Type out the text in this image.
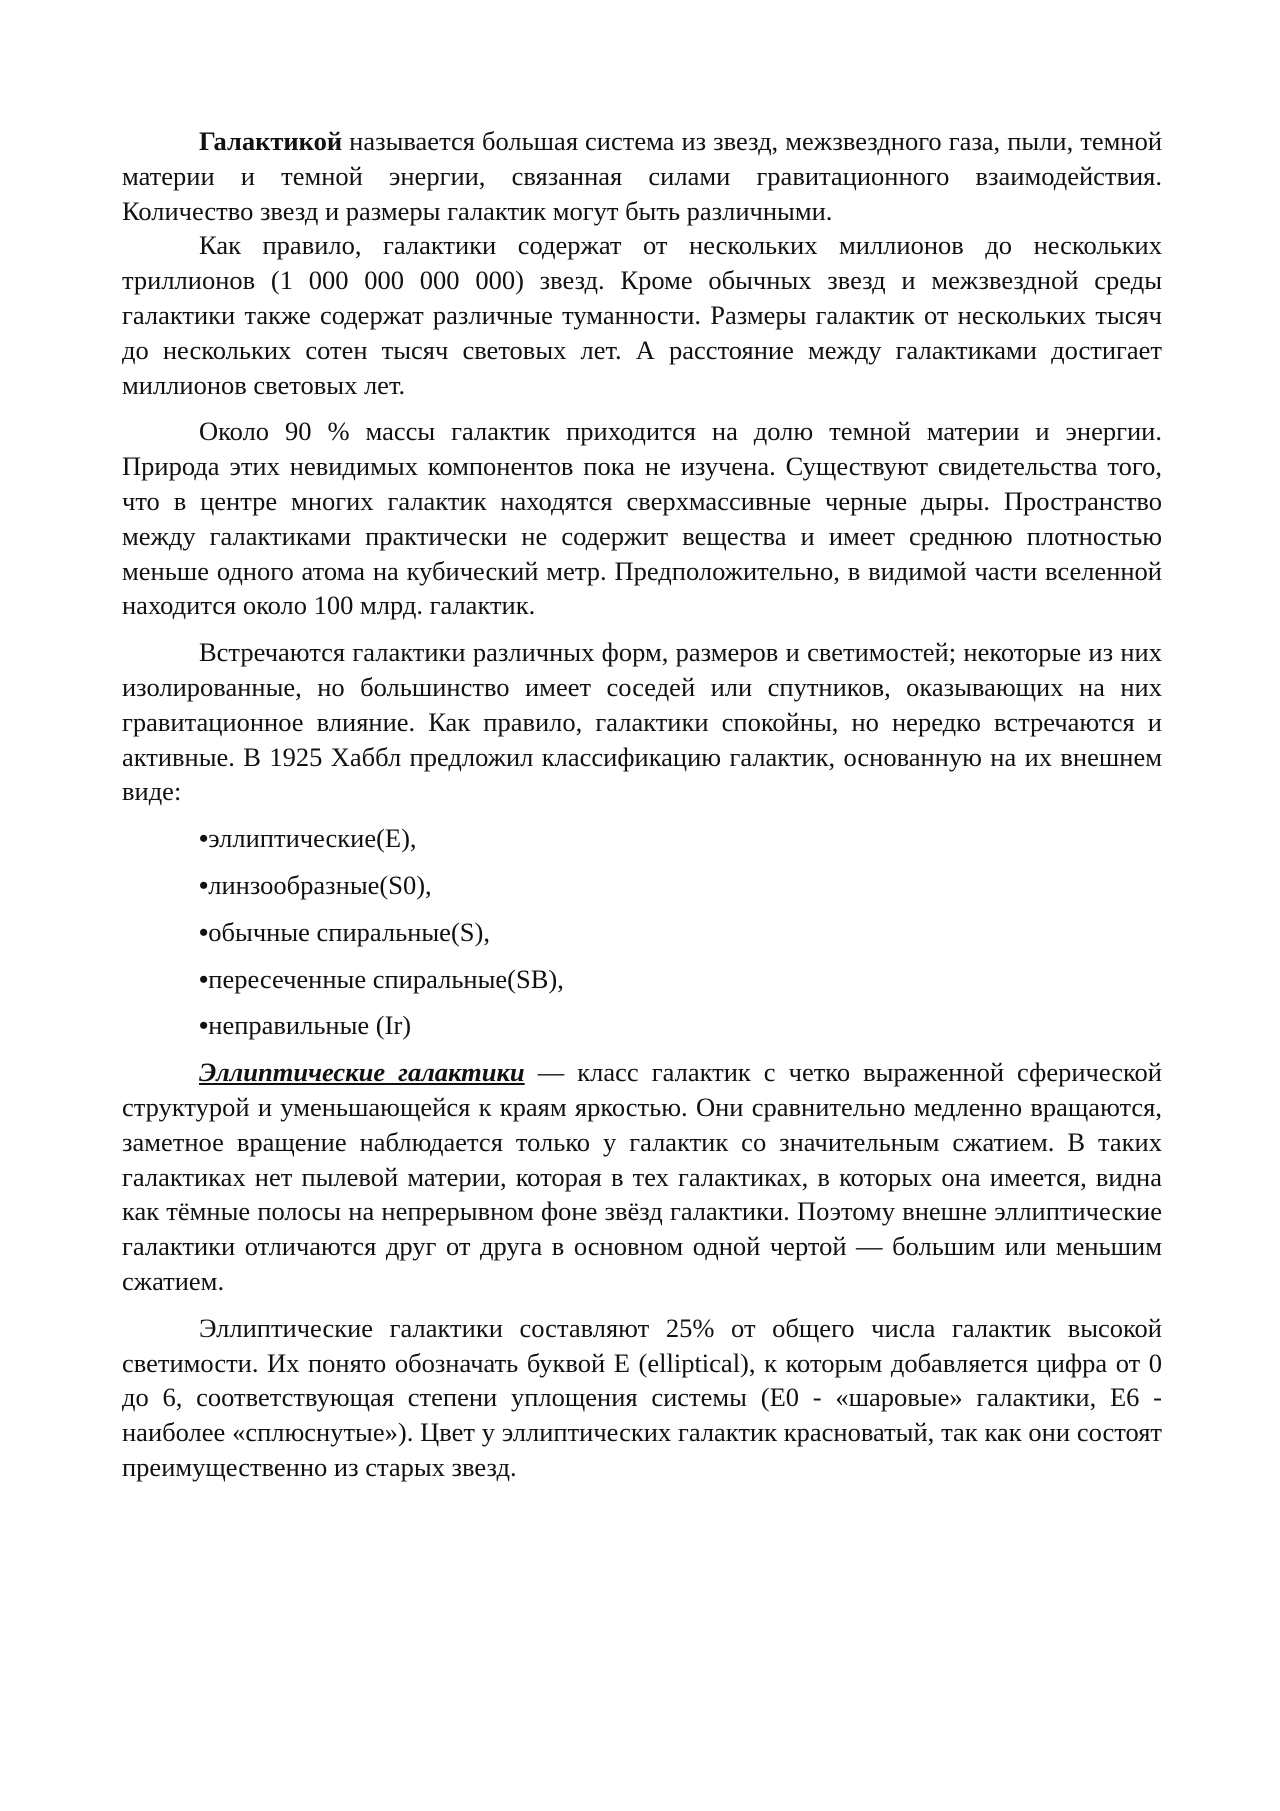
Галактикой называется большая система из звезд, межзвездного газа, пыли, темной материи и темной энергии, связанная силами гравитационного взаимодействия. Количество звезд и размеры галактик могут быть различными.

Как правило, галактики содержат от нескольких миллионов до нескольких триллионов (1 000 000 000 000) звезд. Кроме обычных звезд и межзвездной среды галактики также содержат различные туманности. Размеры галактик от нескольких тысяч до нескольких сотен тысяч световых лет. А расстояние между галактиками достигает миллионов световых лет.

Около 90 % массы галактик приходится на долю темной материи и энергии. Природа этих невидимых компонентов пока не изучена. Существуют свидетельства того, что в центре многих галактик находятся сверхмассивные черные дыры. Пространство между галактиками практически не содержит вещества и имеет среднюю плотностью меньше одного атома на кубический метр. Предположительно, в видимой части вселенной находится около 100 млрд. галактик.

Встречаются галактики различных форм, размеров и светимостей; некоторые из них изолированные, но большинство имеет соседей или спутников, оказывающих на них гравитационное влияние. Как правило, галактики спокойны, но нередко встречаются и активные. В 1925 Хаббл предложил классификацию галактик, основанную на их внешнем виде:

•эллиптические(E),
•линзообразные(S0),
•обычные спиральные(S),
•пересеченные спиральные(SB),
•неправильные (Ir)

Эллиптические галактики — класс галактик с четко выраженной сферической структурой и уменьшающейся к краям яркостью. Они сравнительно медленно вращаются, заметное вращение наблюдается только у галактик со значительным сжатием. В таких галактиках нет пылевой материи, которая в тех галактиках, в которых она имеется, видна как тёмные полосы на непрерывном фоне звёзд галактики. Поэтому внешне эллиптические галактики отличаются друг от друга в основном одной чертой — большим или меньшим сжатием.

Эллиптические галактики составляют 25% от общего числа галактик высокой светимости. Их понято обозначать буквой E (elliptical), к которым добавляется цифра от 0 до 6, соответствующая степени уплощения системы (E0 - «шаровые» галактики, E6 - наиболее «сплюснутые»). Цвет у эллиптических галактик красноватый, так как они состоят преимущественно из старых звезд.
